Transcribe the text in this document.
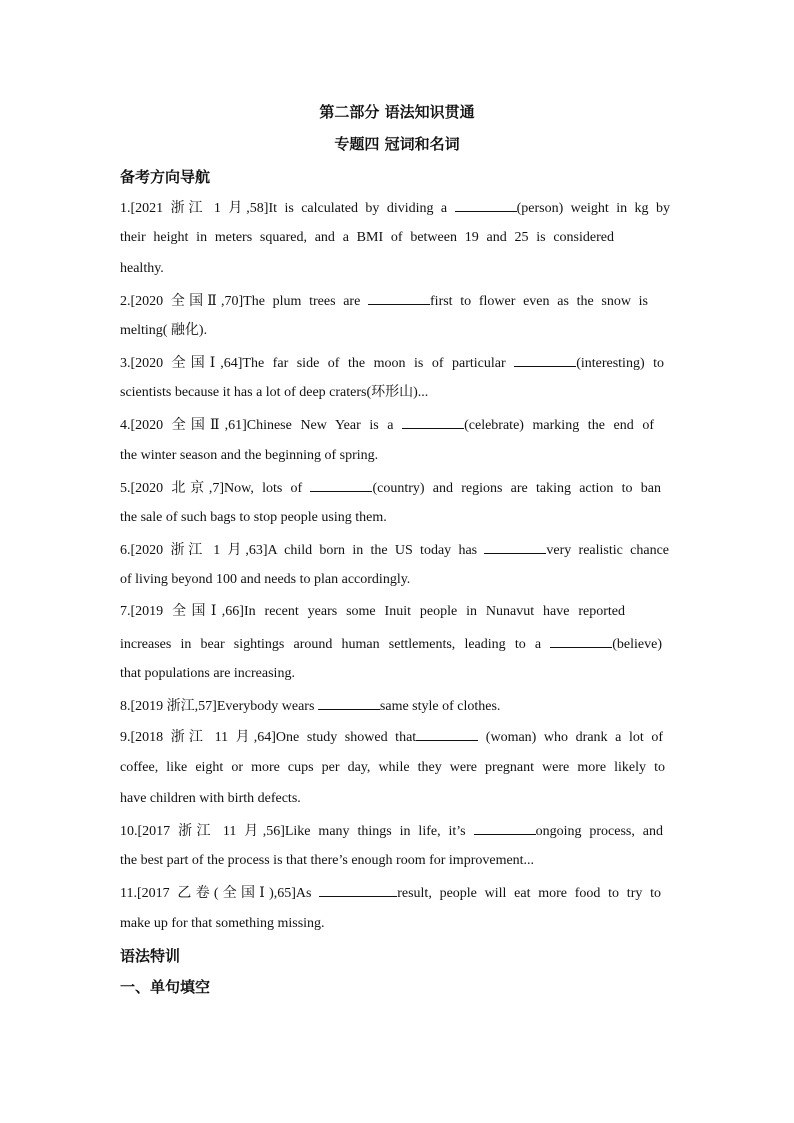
第二部分 语法知识贯通
专题四 冠词和名词
备考方向导航
1.[2021 浙江 1 月,58]It is calculated by dividing a	(person) weight in kg by
their height in meters squared, and a BMI of between 19 and 25 is considered
healthy.
2.[2020 全国Ⅱ,70]The plum trees are	first to flower even as the snow is
melting( 融化).
3.[2020 全国Ⅰ,64]The far side of the moon is of particular	(interesting) to
scientists because it has a lot of deep craters(环形山)...
4.[2020 全国Ⅱ,61]Chinese New Year is a	(celebrate) marking the end of
the winter season and the beginning of spring.
5.[2020 北京,7]Now, lots of	(country) and regions are taking action to ban
the sale of such bags to stop people using them.
6.[2020 浙江 1 月,63]A child born in the US today has	very realistic chance
of living beyond 100 and needs to plan accordingly.
7.[2019 全国Ⅰ,66]In recent years some Inuit people in Nunavut have reported
increases in bear sightings around human settlements, leading to a	(believe)
that populations are increasing.
8.[2019 浙江,57]Everybody wears	same style of clothes.
9.[2018 浙江 11 月,64]One study showed that	(woman) who drank a lot of
coffee, like eight or more cups per day, while they were pregnant were more likely to
have children with birth defects.
10.[2017 浙江 11 月,56]Like many things in life, it’s	ongoing process, and
the best part of the process is that there’s enough room for improvement...
11.[2017 乙卷(全国Ⅰ),65]As	result, people will eat more food to try to
make up for that something missing.
语法特训
一、单句填空
